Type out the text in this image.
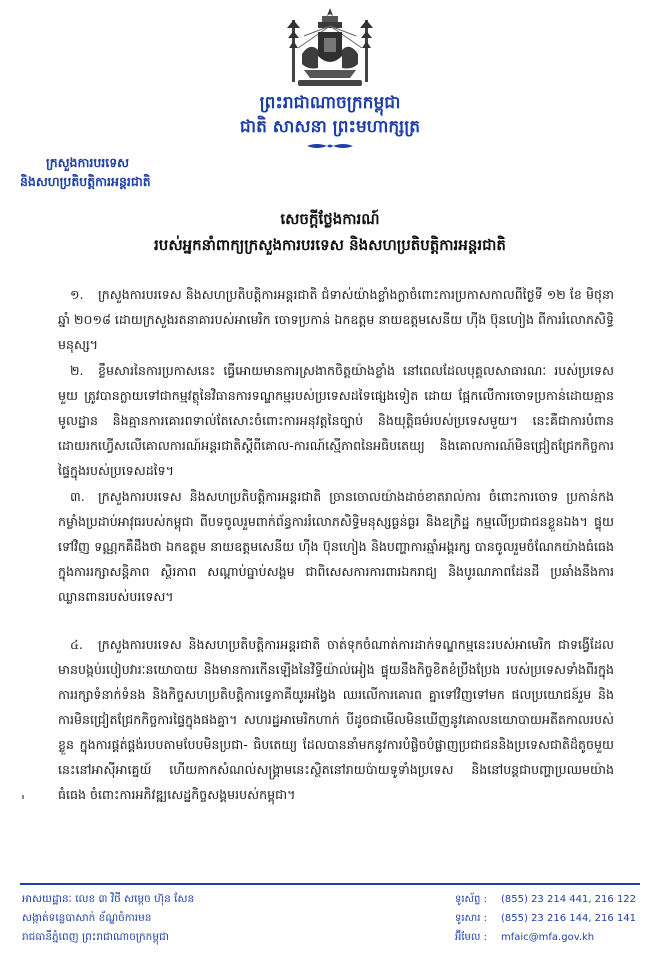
ព្រះរាជាណាចក្រកម្ពុជា
ជាតិ សាសនា ព្រះមហាក្សត្រ
ក្រសួងការបរទេស
និងសហប្រតិបត្តិការអន្តរជាតិ
សេចក្តីថ្លែងការណ៍
របស់អ្នកនាំពាក្យក្រសួងការបរទេស និងសហប្រតិបត្តិការអន្តរជាតិ
១. ក្រសួងការបរទេស និងសហប្រតិបត្តិការអន្តរជាតិ ជំទាស់យ៉ាងខ្លាំងក្លាចំពោះការប្រកាសកាលពីថ្ងៃទី ១២ ខែ មិថុនា ឆ្នាំ ២០១៨ ដោយក្រសួងរតនាគារបស់អាមេរិក ចោទប្រកាន់ ឯកឧត្តម នាយឧត្តមសេនីយ ហ៊ីង ប៊ុនហៀង ពីការរំលោភសិទ្ធិមនុស្ស។
២. ខ្លឹមសារនៃការប្រកាសនេះ ធ្វើអោយមានការស្រងាកចិត្តយ៉ាងខ្លាំង នៅពេលដែលបុគ្គលសាធារណៈ របស់ប្រទេសមួយ ត្រូវបានក្លាយទៅជាកម្មវត្ថុនៃវិធានការទណ្ឌកម្មរបស់ប្រទេសដទៃផ្សេងទៀត ដោយ ផ្អែកលើការចោទប្រកាន់ដោយគ្មានមូលដ្ឋាន និងគ្មានការគោរពទាល់តែសោះចំពោះការអនុវត្តនៃច្បាប់ និងយុត្តិធម៌របស់ប្រទេសមួយ។ នេះគឺជាការបំពានដោយរកហ្វើសលើគោលការណ៍អន្តរជាតិស្តីពីគោល-ការណ៍ស្មើភាពនៃអធិបតេយ្យ និងគោលការណ៍មិនជ្រៀតជ្រែកកិច្ចការផ្ទៃក្នុងរបស់ប្រទេសដទៃ។
៣. ក្រសួងការបរទេស និងសហប្រតិបត្តិការអន្តរជាតិ ច្រានចោលយ៉ាងដាច់ខាតរាល់ការ ចំពោះការចោទ ប្រកាន់កងកម្លាំងប្រដាប់អាវុធរបស់កម្ពុជា ពីបទចូលរួមពាក់ព័ន្ធការរំលោភសិទ្ធិមនុស្សធ្ងន់ធ្ងរ និងឧក្រិដ្ឋ កម្មលើប្រជាជនខ្លួនឯង។ ផ្ទុយទៅវិញ ទណ្ណកគឺដឹងថា ឯកឧត្តម នាយឧត្តមសេនីយ ហ៊ីង ប៊ុនហៀង និងបញ្ហាការឆ្មាំអង្គរក្ស បានចូលរួមចំណែកយ៉ាងធំធេងក្នុងការរក្សាសន្តិភាព ស្ថិរភាព សណ្តាប់ធ្នាប់សង្គម ជាពិសេសការការពារឯករាជ្យ និងបូរណភាពដែនដី ប្រឆាំងនឹងការឈ្លានពានរបស់បរទេស។
៤. ក្រសួងការបរទេស និងសហប្រតិបត្តិការអន្តរជាតិ ចាត់ទុកចំណាត់ការដាក់ទណ្ឌកម្មនេះរបស់អាមេរិក ជាទង្វើដែលមានបង្កប់របៀបវារៈនយោបាយ និងមានការកើនឡើងនៃវិទ្ធីយ៉ាល់អៀង ផ្ទុយនឹងកិច្ចខិតខំប្រឹងប្រែង របស់ប្រទេសទាំងពីរក្នុងការរក្សាទំនាក់ទំនង និងកិច្ចសហប្រតិបត្តិការទ្វេភាគីយូរអង្វែង ឈរលើការគោរព គ្នាទៅវិញទៅមក ផលប្រយោជន៍រួម និងការមិនជ្រៀតជ្រែកកិច្ចការផ្ទៃក្នុងផងគ្នា។ សហរដ្ឋអាមេរិកហាក់ បីដូចជាមើលមិនឃើញនូវគោលនយោបាយអតីតកាលរបស់ខ្លួន ក្នុងការផ្គត់ផ្គង់របបតាមបែបមិនប្រជា- ធិបតេយ្យ ដែលបាននាំមកនូវការបំផ្លិចបំផ្លាញប្រជាជននិងប្រទេសជាតិដ៏តូចមួយនេះនៅអាស៊ីអាគ្នេយ៍ ហើយកាកសំណល់សង្គ្រាមនេះស្ថិតនៅរាយប៉ាយទូទាំងប្រទេស និងនៅបន្តជាបញ្ហាប្រឈមយ៉ាងធំធេង ចំពោះការអភិវឌ្ឍសេដ្ឋកិច្ចសង្គមរបស់កម្ពុជា។
អាសយដ្ឋានៈ លេខ ៣ វិថី សម្តេច ហ៊ុន សែន
សង្កាត់ទន្លេបាសាក់ ខ័ណ្ឌចំការមន
រាជធានីភ្នំពេញ ព្រះរាជាណាចក្រកម្ពុជា
ទូរស័ព្ទ : (855) 23 214 441, 216 122
ទូរសារ : (855) 23 216 144, 216 141
អ៊ីមែល : mfaic@mfa.gov.kh
